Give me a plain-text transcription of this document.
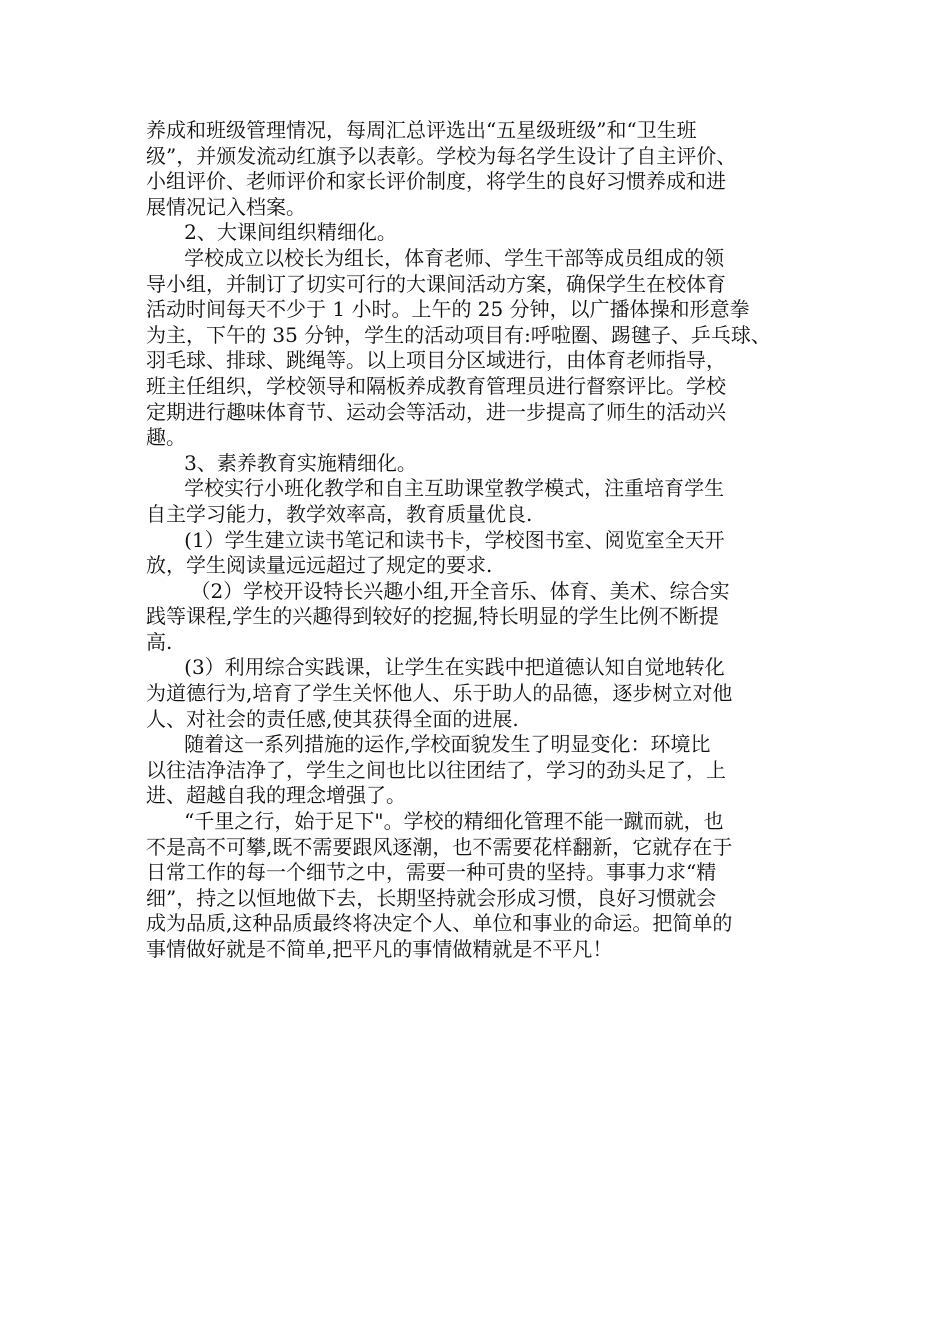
养成和班级管理情况，每周汇总评选出“五星级班级”和“卫生班
级”，并颁发流动红旗予以表彰。学校为每名学生设计了自主评价、
小组评价、老师评价和家长评价制度，将学生的良好习惯养成和进
展情况记入档案。
2、大课间组织精细化。
学校成立以校长为组长，体育老师、学生干部等成员组成的领
导小组，并制订了切实可行的大课间活动方案，确保学生在校体育
活动时间每天不少于 1 小时。上午的 25 分钟，以广播体操和形意拳
为主，下午的 35 分钟，学生的活动项目有:呼啦圈、踢毽子、乒乓球、
羽毛球、排球、跳绳等。以上项目分区域进行，由体育老师指导，
班主任组织，学校领导和隔板养成教育管理员进行督察评比。学校
定期进行趣味体育节、运动会等活动，进一步提高了师生的活动兴
趣。
3、素养教育实施精细化。
学校实行小班化教学和自主互助课堂教学模式，注重培育学生
自主学习能力，教学效率高，教育质量优良.
(1）学生建立读书笔记和读书卡，学校图书室、阅览室全天开
放，学生阅读量远远超过了规定的要求.
（2）学校开设特长兴趣小组,开全音乐、体育、美术、综合实
践等课程,学生的兴趣得到较好的挖掘,特长明显的学生比例不断提
高.
(3）利用综合实践课，让学生在实践中把道德认知自觉地转化
为道德行为,培育了学生关怀他人、乐于助人的品德，逐步树立对他
人、对社会的责任感,使其获得全面的进展.
随着这一系列措施的运作,学校面貌发生了明显变化：环境比
以往洁净洁净了，学生之间也比以往团结了，学习的劲头足了，上
进、超越自我的理念增强了。
“千里之行，始于足下"。学校的精细化管理不能一蹴而就，也
不是高不可攀,既不需要跟风逐潮，也不需要花样翻新，它就存在于
日常工作的每一个细节之中，需要一种可贵的坚持。事事力求“精
细”，持之以恒地做下去，长期坚持就会形成习惯，良好习惯就会
成为品质,这种品质最终将决定个人、单位和事业的命运。把简单的
事情做好就是不简单,把平凡的事情做精就是不平凡！
